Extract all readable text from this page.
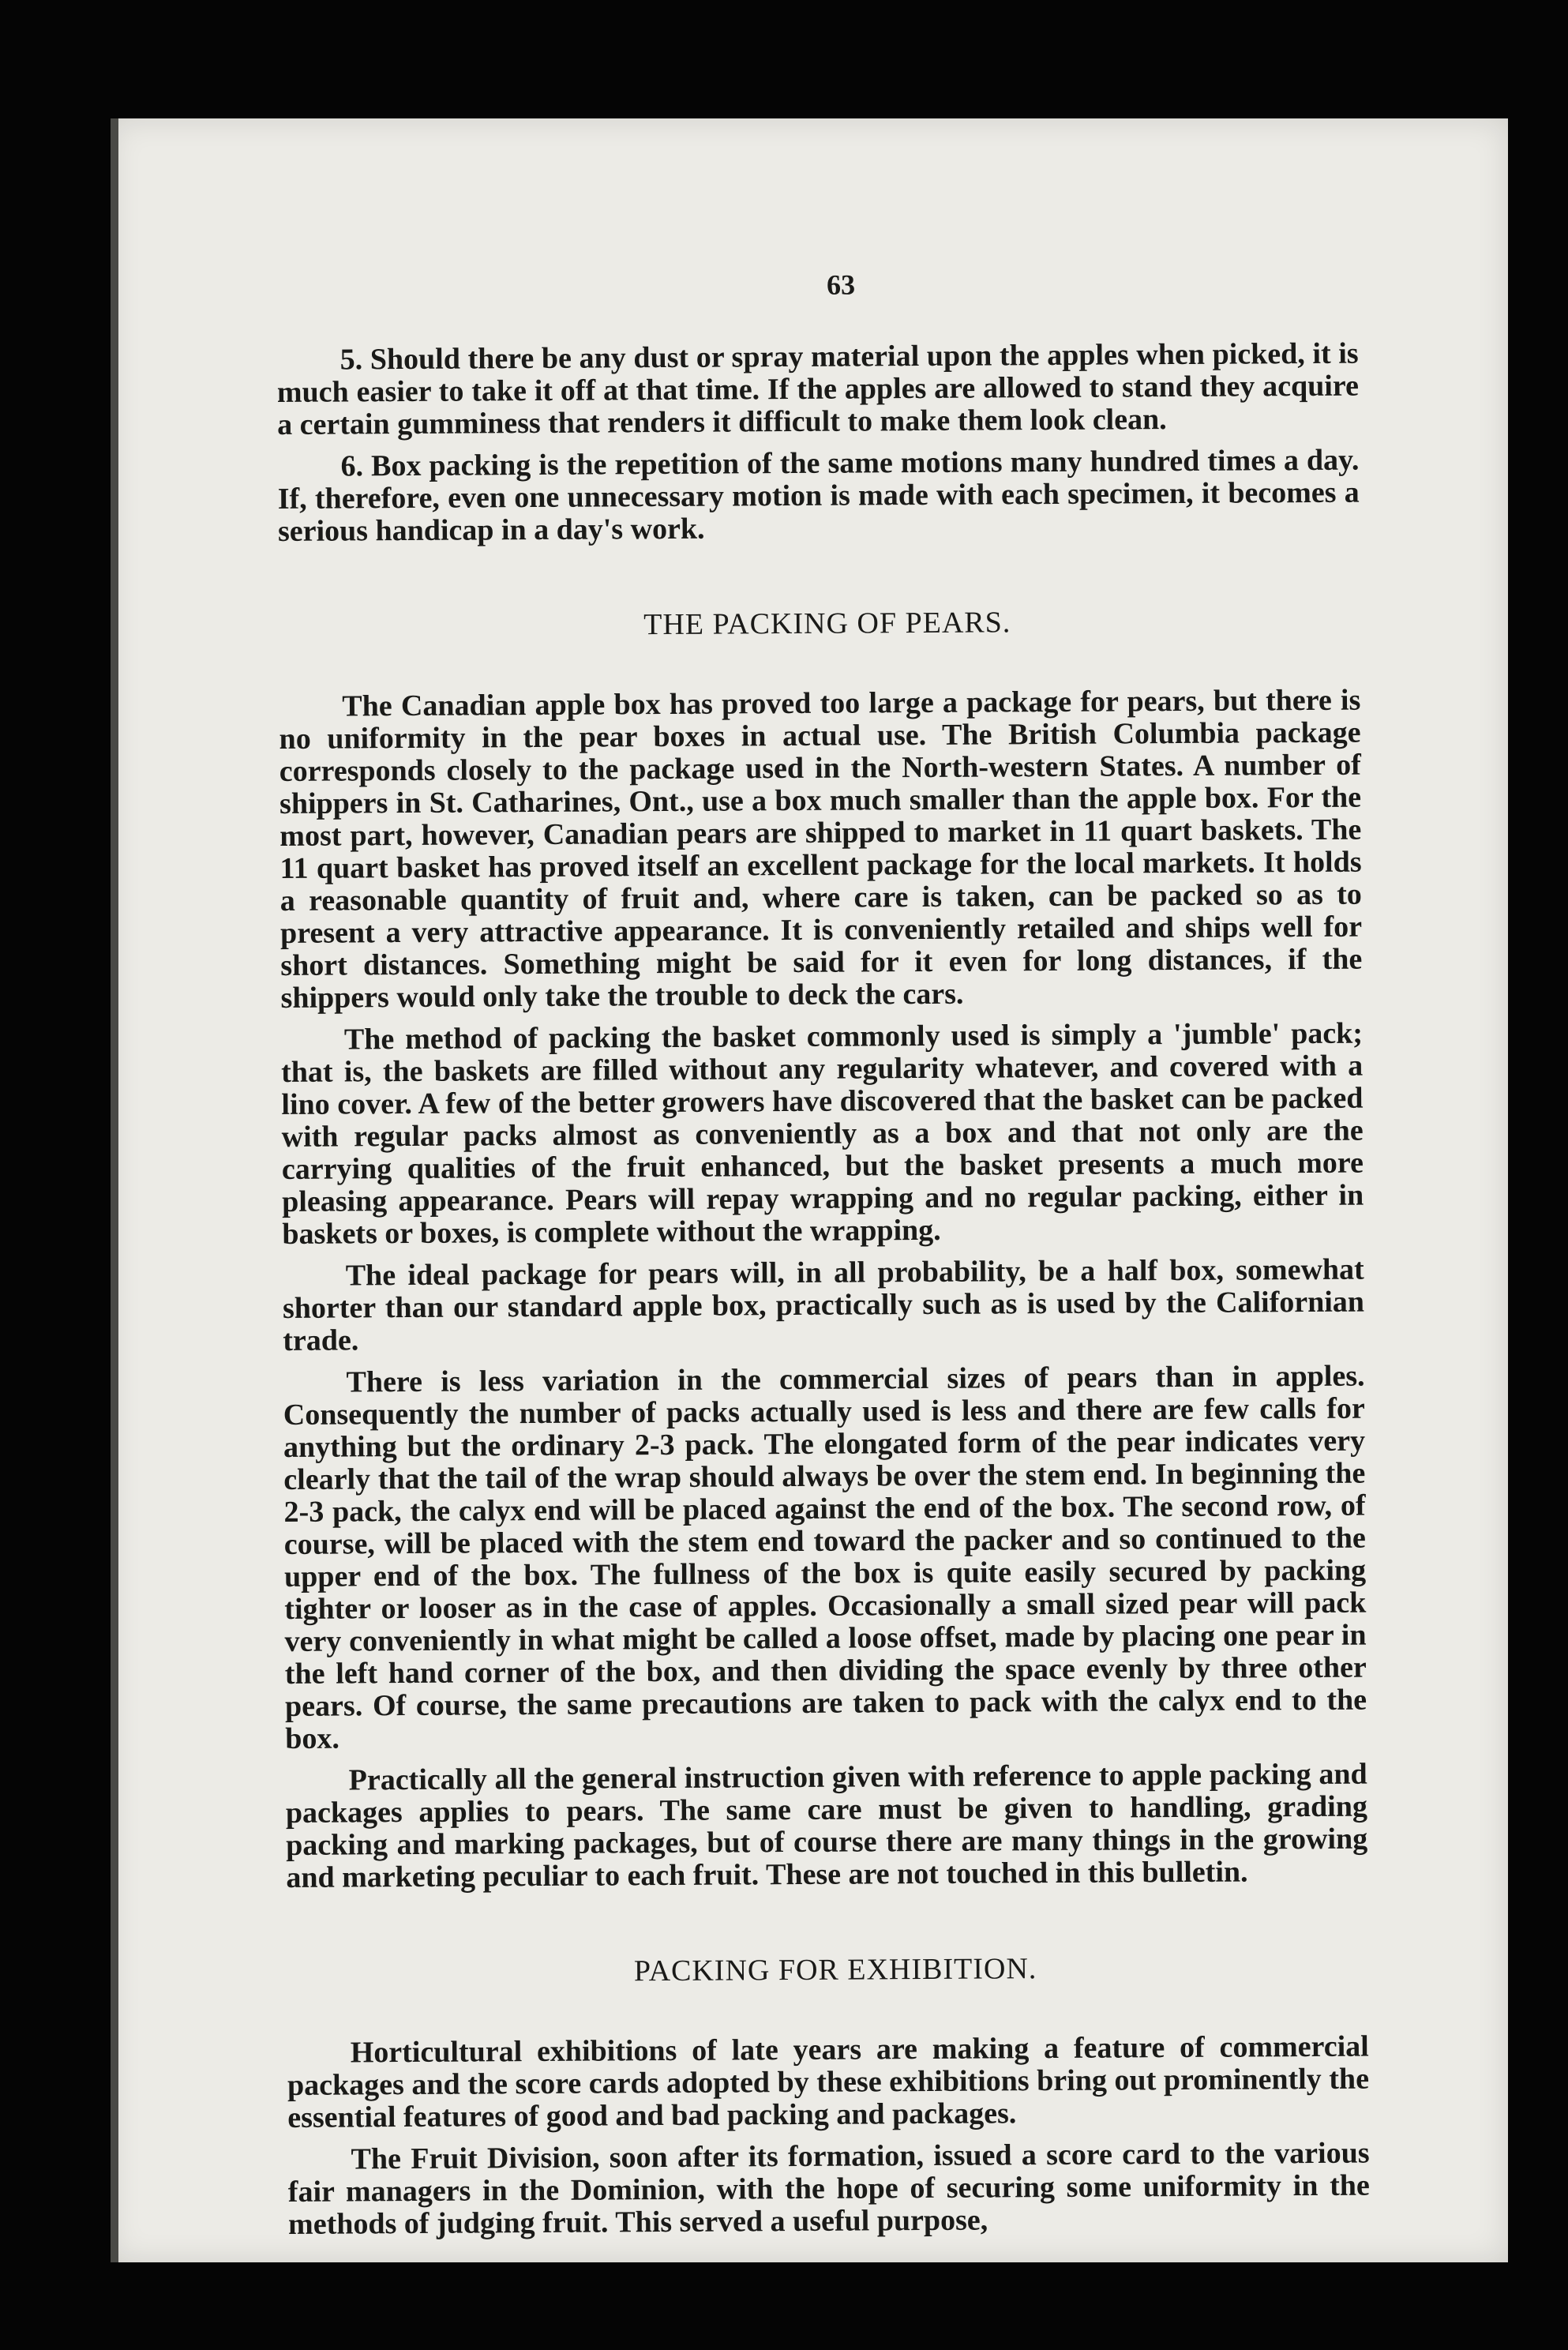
63

5. Should there be any dust or spray material upon the apples when picked, it is much easier to take it off at that time. If the apples are allowed to stand they acquire a certain gumminess that renders it difficult to make them look clean.

6. Box packing is the repetition of the same motions many hundred times a day. If, therefore, even one unnecessary motion is made with each specimen, it becomes a serious handicap in a day's work.

THE PACKING OF PEARS.

The Canadian apple box has proved too large a package for pears, but there is no uniformity in the pear boxes in actual use. The British Columbia package corresponds closely to the package used in the North-western States. A number of shippers in St. Catharines, Ont., use a box much smaller than the apple box. For the most part, however, Canadian pears are shipped to market in 11 quart baskets. The 11 quart basket has proved itself an excellent package for the local markets. It holds a reasonable quantity of fruit and, where care is taken, can be packed so as to present a very attractive appearance. It is conveniently retailed and ships well for short distances. Something might be said for it even for long distances, if the shippers would only take the trouble to deck the cars.

The method of packing the basket commonly used is simply a 'jumble' pack; that is, the baskets are filled without any regularity whatever, and covered with a lino cover. A few of the better growers have discovered that the basket can be packed with regular packs almost as conveniently as a box and that not only are the carrying qualities of the fruit enhanced, but the basket presents a much more pleasing appearance. Pears will repay wrapping and no regular packing, either in baskets or boxes, is complete without the wrapping.

The ideal package for pears will, in all probability, be a half box, somewhat shorter than our standard apple box, practically such as is used by the Californian trade.

There is less variation in the commercial sizes of pears than in apples. Consequently the number of packs actually used is less and there are few calls for anything but the ordinary 2-3 pack. The elongated form of the pear indicates very clearly that the tail of the wrap should always be over the stem end. In beginning the 2-3 pack, the calyx end will be placed against the end of the box. The second row, of course, will be placed with the stem end toward the packer and so continued to the upper end of the box. The fullness of the box is quite easily secured by packing tighter or looser as in the case of apples. Occasionally a small sized pear will pack very conveniently in what might be called a loose offset, made by placing one pear in the left hand corner of the box, and then dividing the space evenly by three other pears. Of course, the same precautions are taken to pack with the calyx end to the box.

Practically all the general instruction given with reference to apple packing and packages applies to pears. The same care must be given to handling, grading packing and marking packages, but of course there are many things in the growing and marketing peculiar to each fruit. These are not touched in this bulletin.

PACKING FOR EXHIBITION.

Horticultural exhibitions of late years are making a feature of commercial packages and the score cards adopted by these exhibitions bring out prominently the essential features of good and bad packing and packages.

The Fruit Division, soon after its formation, issued a score card to the various fair managers in the Dominion, with the hope of securing some uniformity in the methods of judging fruit. This served a useful purpose,
